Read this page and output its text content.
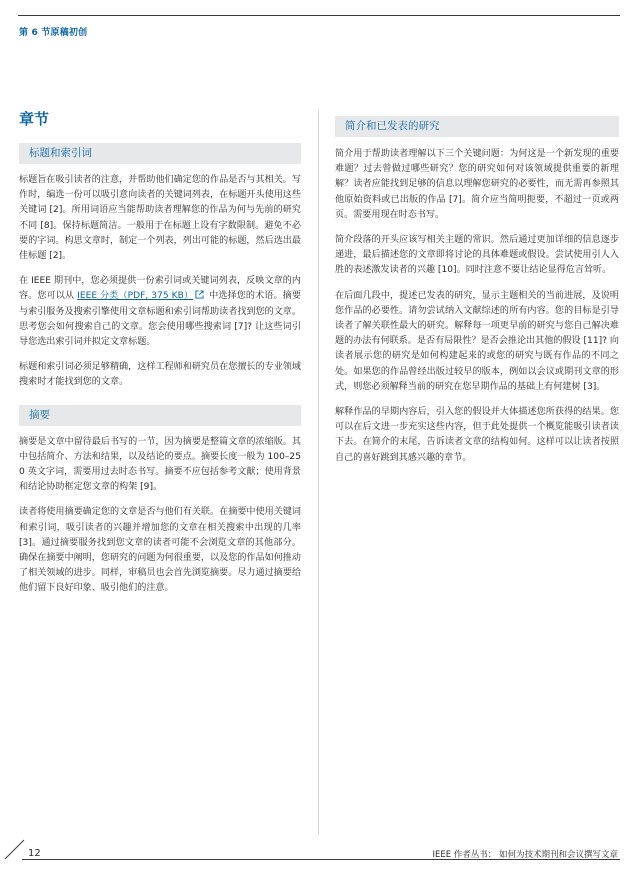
第 6 节原稿初创
章节
标题和索引词

标题旨在吸引读者的注意，并帮助他们确定您的作品是否与其相关。写作时，编选一份可以吸引意向读者的关键词列表，在标题开头使用这些关键词 [2]。所用词语应当能帮助读者理解您的作品为何与先前的研究不同 [8]。保持标题简洁。一般用于在标题上设有字数限制。避免不必要的字词。构思文章时，制定一个列表，列出可能的标题，然后选出最佳标题 [2]。

在 IEEE 期刊中，您必须提供一份索引词或关键词列表，反映文章的内容。您可以从 IEEE 分类（PDF, 375 KB） 中选择您的术语。摘要与索引服务及搜索引擎使用文章标题和索引词帮助读者找到您的文章。思考您会如何搜索自己的文章。您会使用哪些搜索词 [7]? 让这些词引导您选出索引词并拟定文章标题。

标题和索引词必须足够精确，这样工程师和研究员在您擅长的专业领域搜索时才能找到您的文章。

摘要

摘要是文章中留待最后书写的一节，因为摘要是整篇文章的浓缩版。其中包括简介、方法和结果，以及结论的要点。摘要长度一般为 100–250 英文字词，需要用过去时态书写。摘要不应包括参考文献；使用背景和结论协助框定您文章的构架 [9]。

读者将使用摘要确定您的文章是否与他们有关联。在摘要中使用关键词和索引词，吸引读者的兴趣并增加您的文章在相关搜索中出现的几率 [3]。通过摘要服务找到您文章的读者可能不会浏览文章的其他部分。确保在摘要中阐明，您研究的问题为何很重要，以及您的作品如何推动了相关领域的进步。同样，审稿员也会首先浏览摘要。尽力通过摘要给他们留下良好印象、吸引他们的注意。

简介和已发表的研究

简介用于帮助读者理解以下三个关键问题：为何这是一个新发现的重要难题？过去曾做过哪些研究？您的研究如何对该领域提供重要的新理解？读者应能找到足够的信息以理解您研究的必要性，而无需再参照其他原始资料或已出版的作品 [7]。简介应当简明扼要，不超过一页或两页。需要用现在时态书写。

简介段落的开头应该写相关主题的常识。然后通过更加详细的信息逐步递进，最后描述您的文章即将讨论的具体难题或假设。尝试使用引人入胜的表述激发读者的兴趣 [10]。同时注意不要让结论显得危言耸听。

在后面几段中，提述已发表的研究，显示主题相关的当前进展，及说明您作品的必要性。请勿尝试纳入文献综述的所有内容。您的目标是引导读者了解关联性最大的研究。解释每一项更早前的研究与您自己解决难题的办法有何联系。是否有局限性？是否会推论出其他的假设 [11]? 向读者展示您的研究是如何构建起来的或您的研究与既有作品的不同之处。如果您的作品曾经出版过较早的版本，例如以会议或期刊文章的形式，则您必须解释当前的研究在您早期作品的基础上有何建树 [3]。

解释作品的早期内容后，引入您的假设并大体描述您所获得的结果。您可以在后文进一步充实这些内容，但于此处提供一个概览能吸引读者读下去。在简介的末尾，告诉读者文章的结构如何。这样可以让读者按照自己的喜好跳到其感兴趣的章节。

12	IEEE 作者丛书： 如何为技术期刊和会议撰写文章
